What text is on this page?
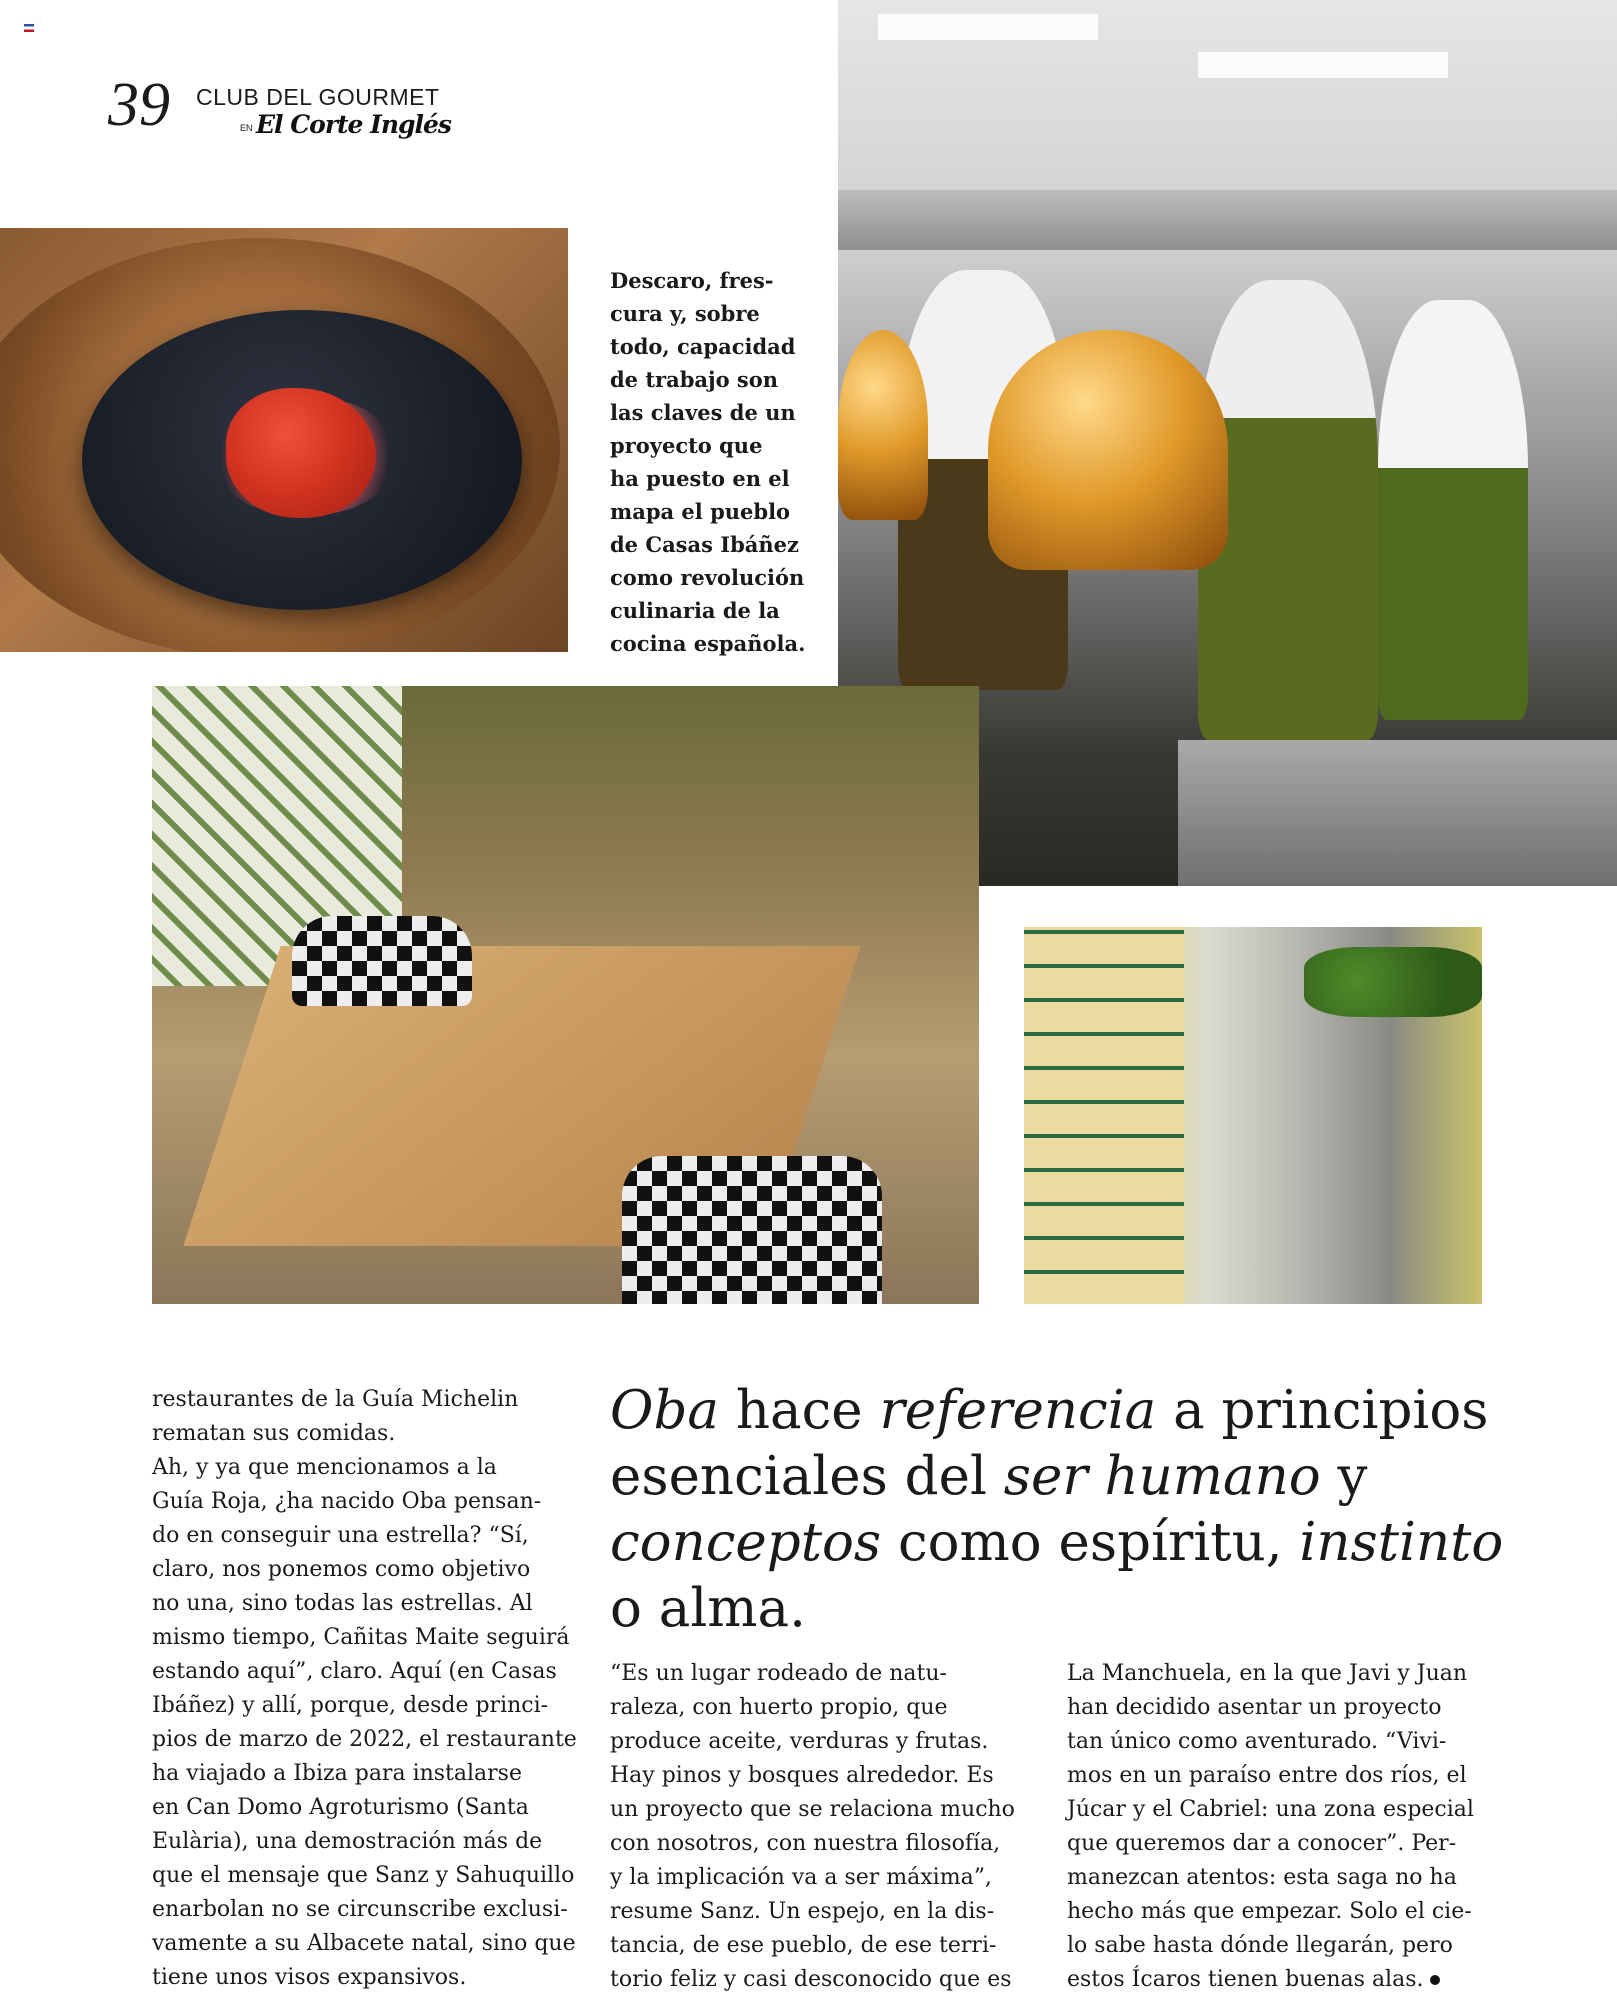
39 CLUB DEL GOURMET
EN El Corte Inglés
Descaro, fres-
cura y, sobre
todo, capacidad
de trabajo son
las claves de un
proyecto que
ha puesto en el
mapa el pueblo
de Casas Ibáñez
como revolución
culinaria de la
cocina española.
Oba hace referencia a principios esenciales del ser humano y conceptos como espíritu, instinto o alma.
restaurantes de la Guía Michelin
rematan sus comidas.
Ah, y ya que mencionamos a la
Guía Roja, ¿ha nacido Oba pensan-
do en conseguir una estrella? “Sí,
claro, nos ponemos como objetivo
no una, sino todas las estrellas. Al
mismo tiempo, Cañitas Maite seguirá
estando aquí”, claro. Aquí (en Casas
Ibáñez) y allí, porque, desde princi-
pios de marzo de 2022, el restaurante
ha viajado a Ibiza para instalarse
en Can Domo Agroturismo (Santa
Eulària), una demostración más de
que el mensaje que Sanz y Sahuquillo
enarbolan no se circunscribe exclusi-
vamente a su Albacete natal, sino que
tiene unos visos expansivos.
“Es un lugar rodeado de natu-
raleza, con huerto propio, que
produce aceite, verduras y frutas.
Hay pinos y bosques alrededor. Es
un proyecto que se relaciona mucho
con nosotros, con nuestra filosofía,
y la implicación va a ser máxima”,
resume Sanz. Un espejo, en la dis-
tancia, de ese pueblo, de ese terri-
torio feliz y casi desconocido que es
La Manchuela, en la que Javi y Juan
han decidido asentar un proyecto
tan único como aventurado. “Vivi-
mos en un paraíso entre dos ríos, el
Júcar y el Cabriel: una zona especial
que queremos dar a conocer”. Per-
manezcan atentos: esta saga no ha
hecho más que empezar. Solo el cie-
lo sabe hasta dónde llegarán, pero
estos Ícaros tienen buenas alas.
